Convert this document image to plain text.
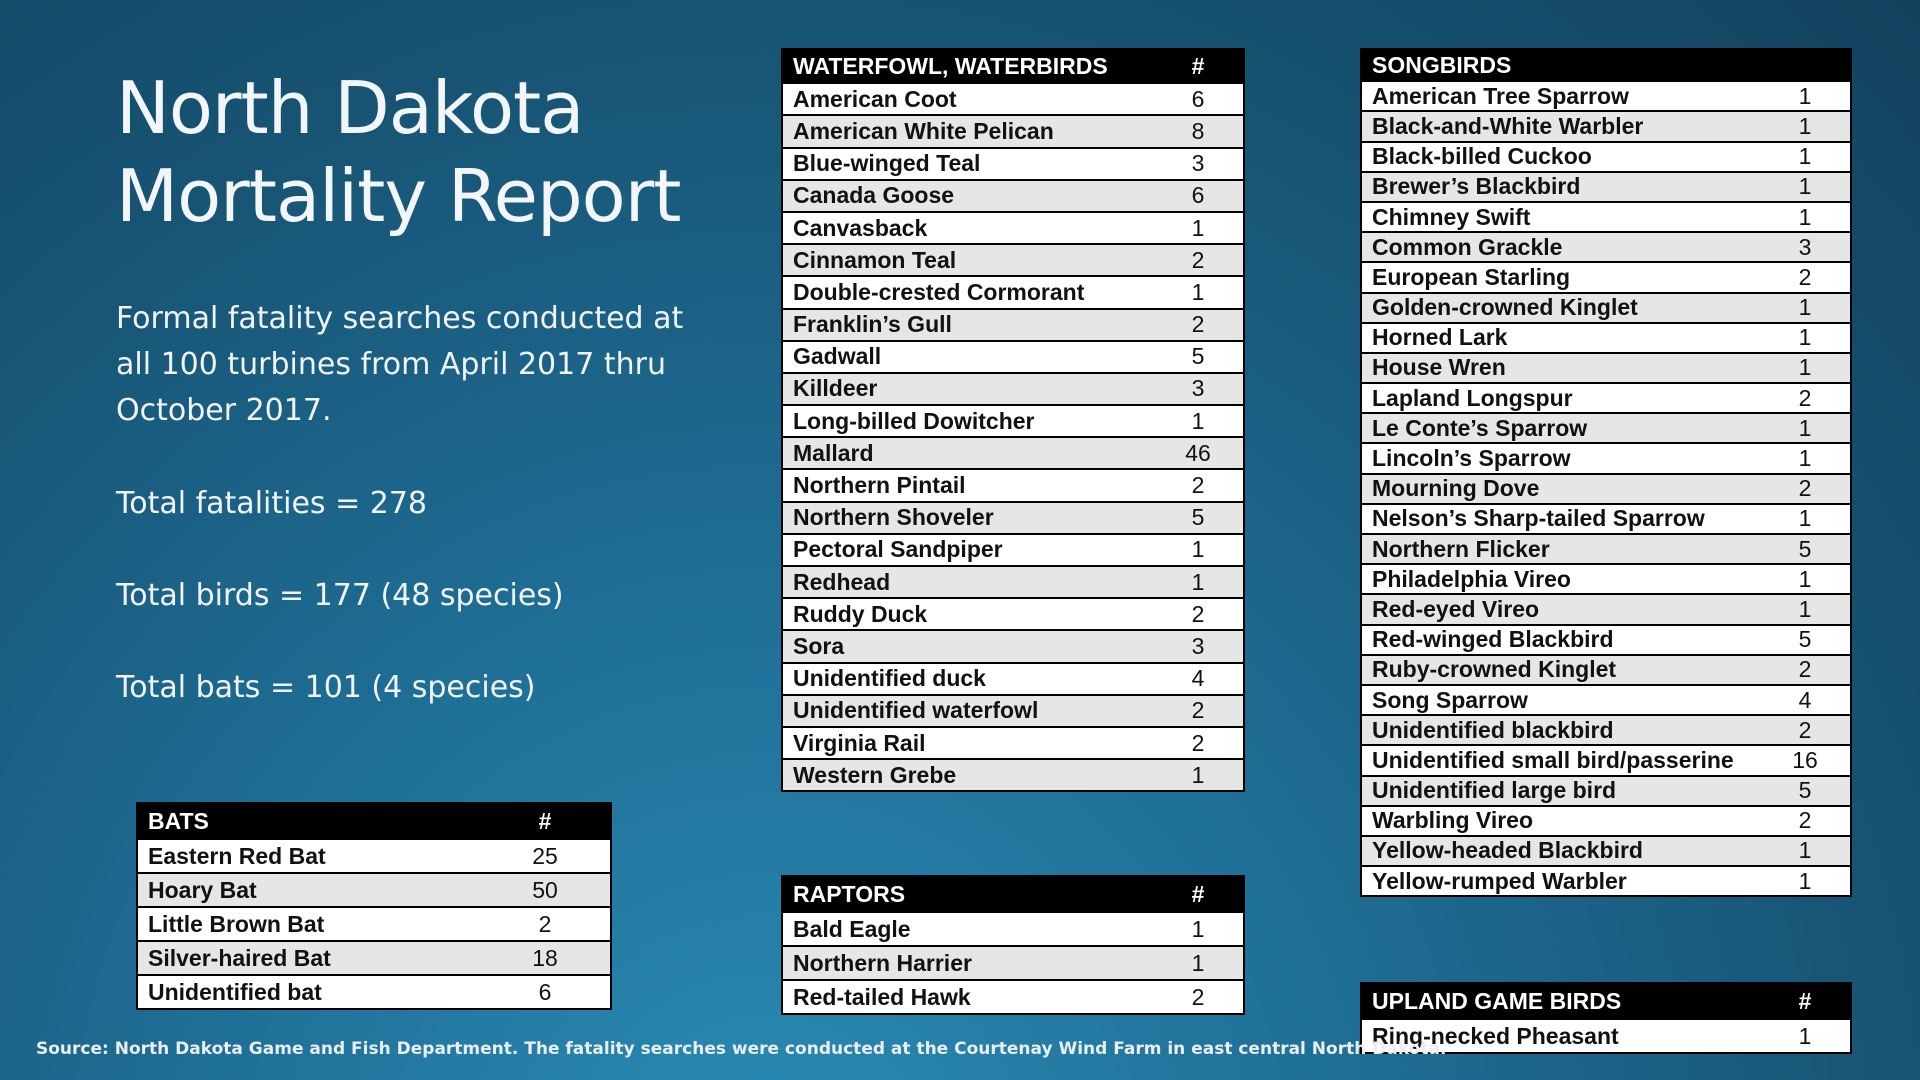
North Dakota
Mortality Report
Formal fatality searches conducted at all 100 turbines from April 2017 thru October 2017.
Total fatalities = 278
Total birds = 177 (48 species)
Total bats = 101 (4 species)
BATS	#
Eastern Red Bat	25
Hoary Bat	50
Little Brown Bat	2
Silver-haired Bat	18
Unidentified bat	6
WATERFOWL, WATERBIRDS	#
American Coot	6
American White Pelican	8
Blue-winged Teal	3
Canada Goose	6
Canvasback	1
Cinnamon Teal	2
Double-crested Cormorant	1
Franklin’s Gull	2
Gadwall	5
Killdeer	3
Long-billed Dowitcher	1
Mallard	46
Northern Pintail	2
Northern Shoveler	5
Pectoral Sandpiper	1
Redhead	1
Ruddy Duck	2
Sora	3
Unidentified duck	4
Unidentified waterfowl	2
Virginia Rail	2
Western Grebe	1
RAPTORS	#
Bald Eagle	1
Northern Harrier	1
Red-tailed Hawk	2
SONGBIRDS
American Tree Sparrow	1
Black-and-White Warbler	1
Black-billed Cuckoo	1
Brewer’s Blackbird	1
Chimney Swift	1
Common Grackle	3
European Starling	2
Golden-crowned Kinglet	1
Horned Lark	1
House Wren	1
Lapland Longspur	2
Le Conte’s Sparrow	1
Lincoln’s Sparrow	1
Mourning Dove	2
Nelson’s Sharp-tailed Sparrow	1
Northern Flicker	5
Philadelphia Vireo	1
Red-eyed Vireo	1
Red-winged Blackbird	5
Ruby-crowned Kinglet	2
Song Sparrow	4
Unidentified blackbird	2
Unidentified small bird/passerine	16
Unidentified large bird	5
Warbling Vireo	2
Yellow-headed Blackbird	1
Yellow-rumped Warbler	1
UPLAND GAME BIRDS	#
Ring-necked Pheasant	1
Source: North Dakota Game and Fish Department. The fatality searches were conducted at the Courtenay Wind Farm in east central North Dakota.
